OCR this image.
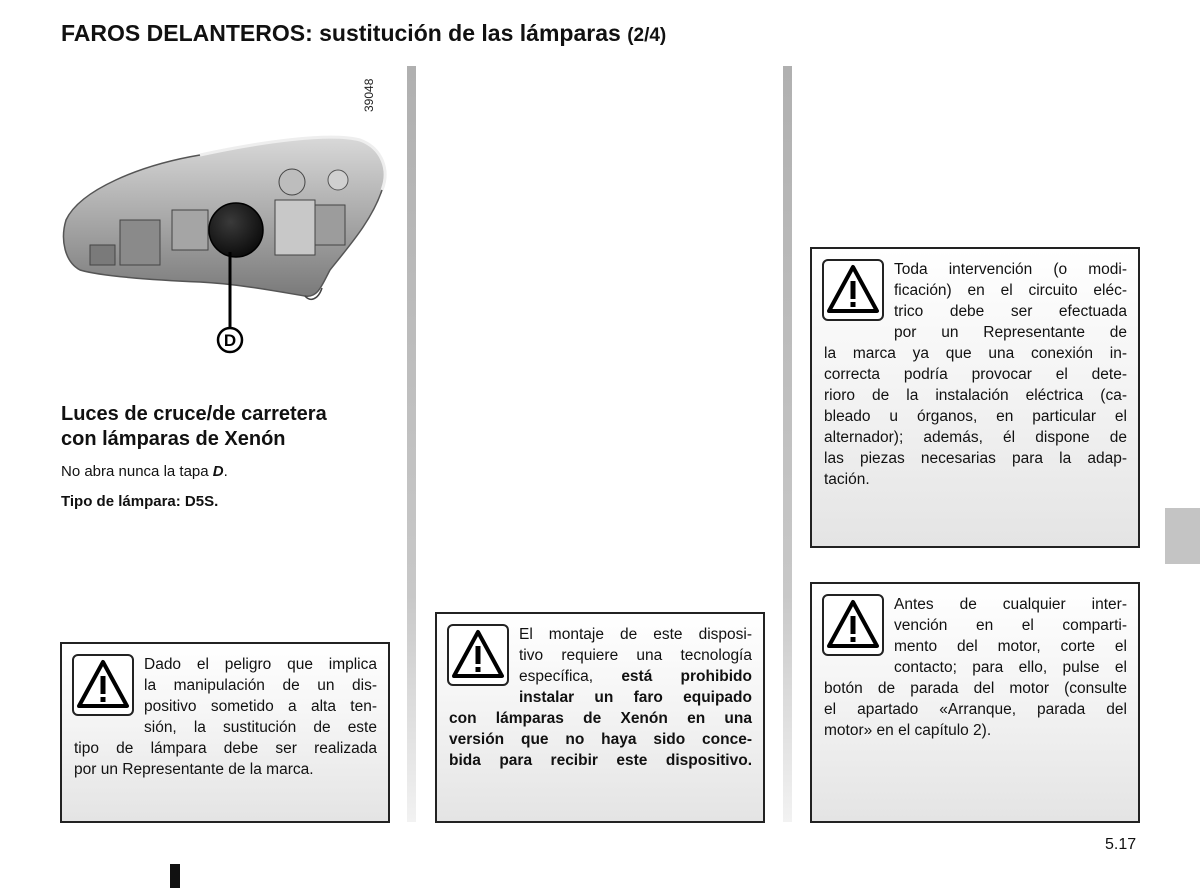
FAROS DELANTEROS: sustitución de las lámparas (2/4)
39048
D
Luces de cruce/de carretera
con lámparas de Xenón
No abra nunca la tapa D.
Tipo de lámpara: D5S.
Dado el peligro que implica
la manipulación de un dis-
positivo sometido a alta ten-
sión, la sustitución de este
tipo de lámpara debe ser realizada
por un Representante de la marca.
El montaje de este disposi-
tivo requiere una tecnología
específica, está prohibido
instalar un faro equipado
con lámparas de Xenón en una
versión que no haya sido conce-
bida para recibir este dispositivo.
Toda intervención (o modi-
ficación) en el circuito eléc-
trico debe ser efectuada
por un Representante de
la marca ya que una conexión in-
correcta podría provocar el dete-
rioro de la instalación eléctrica (ca-
bleado u órganos, en particular el
alternador); además, él dispone de
las piezas necesarias para la adap-
tación.
Antes de cualquier inter-
vención en el comparti-
mento del motor, corte el
contacto; para ello, pulse el
botón de parada del motor (consulte
el apartado «Arranque, parada del
motor» en el capítulo 2).
5.17
